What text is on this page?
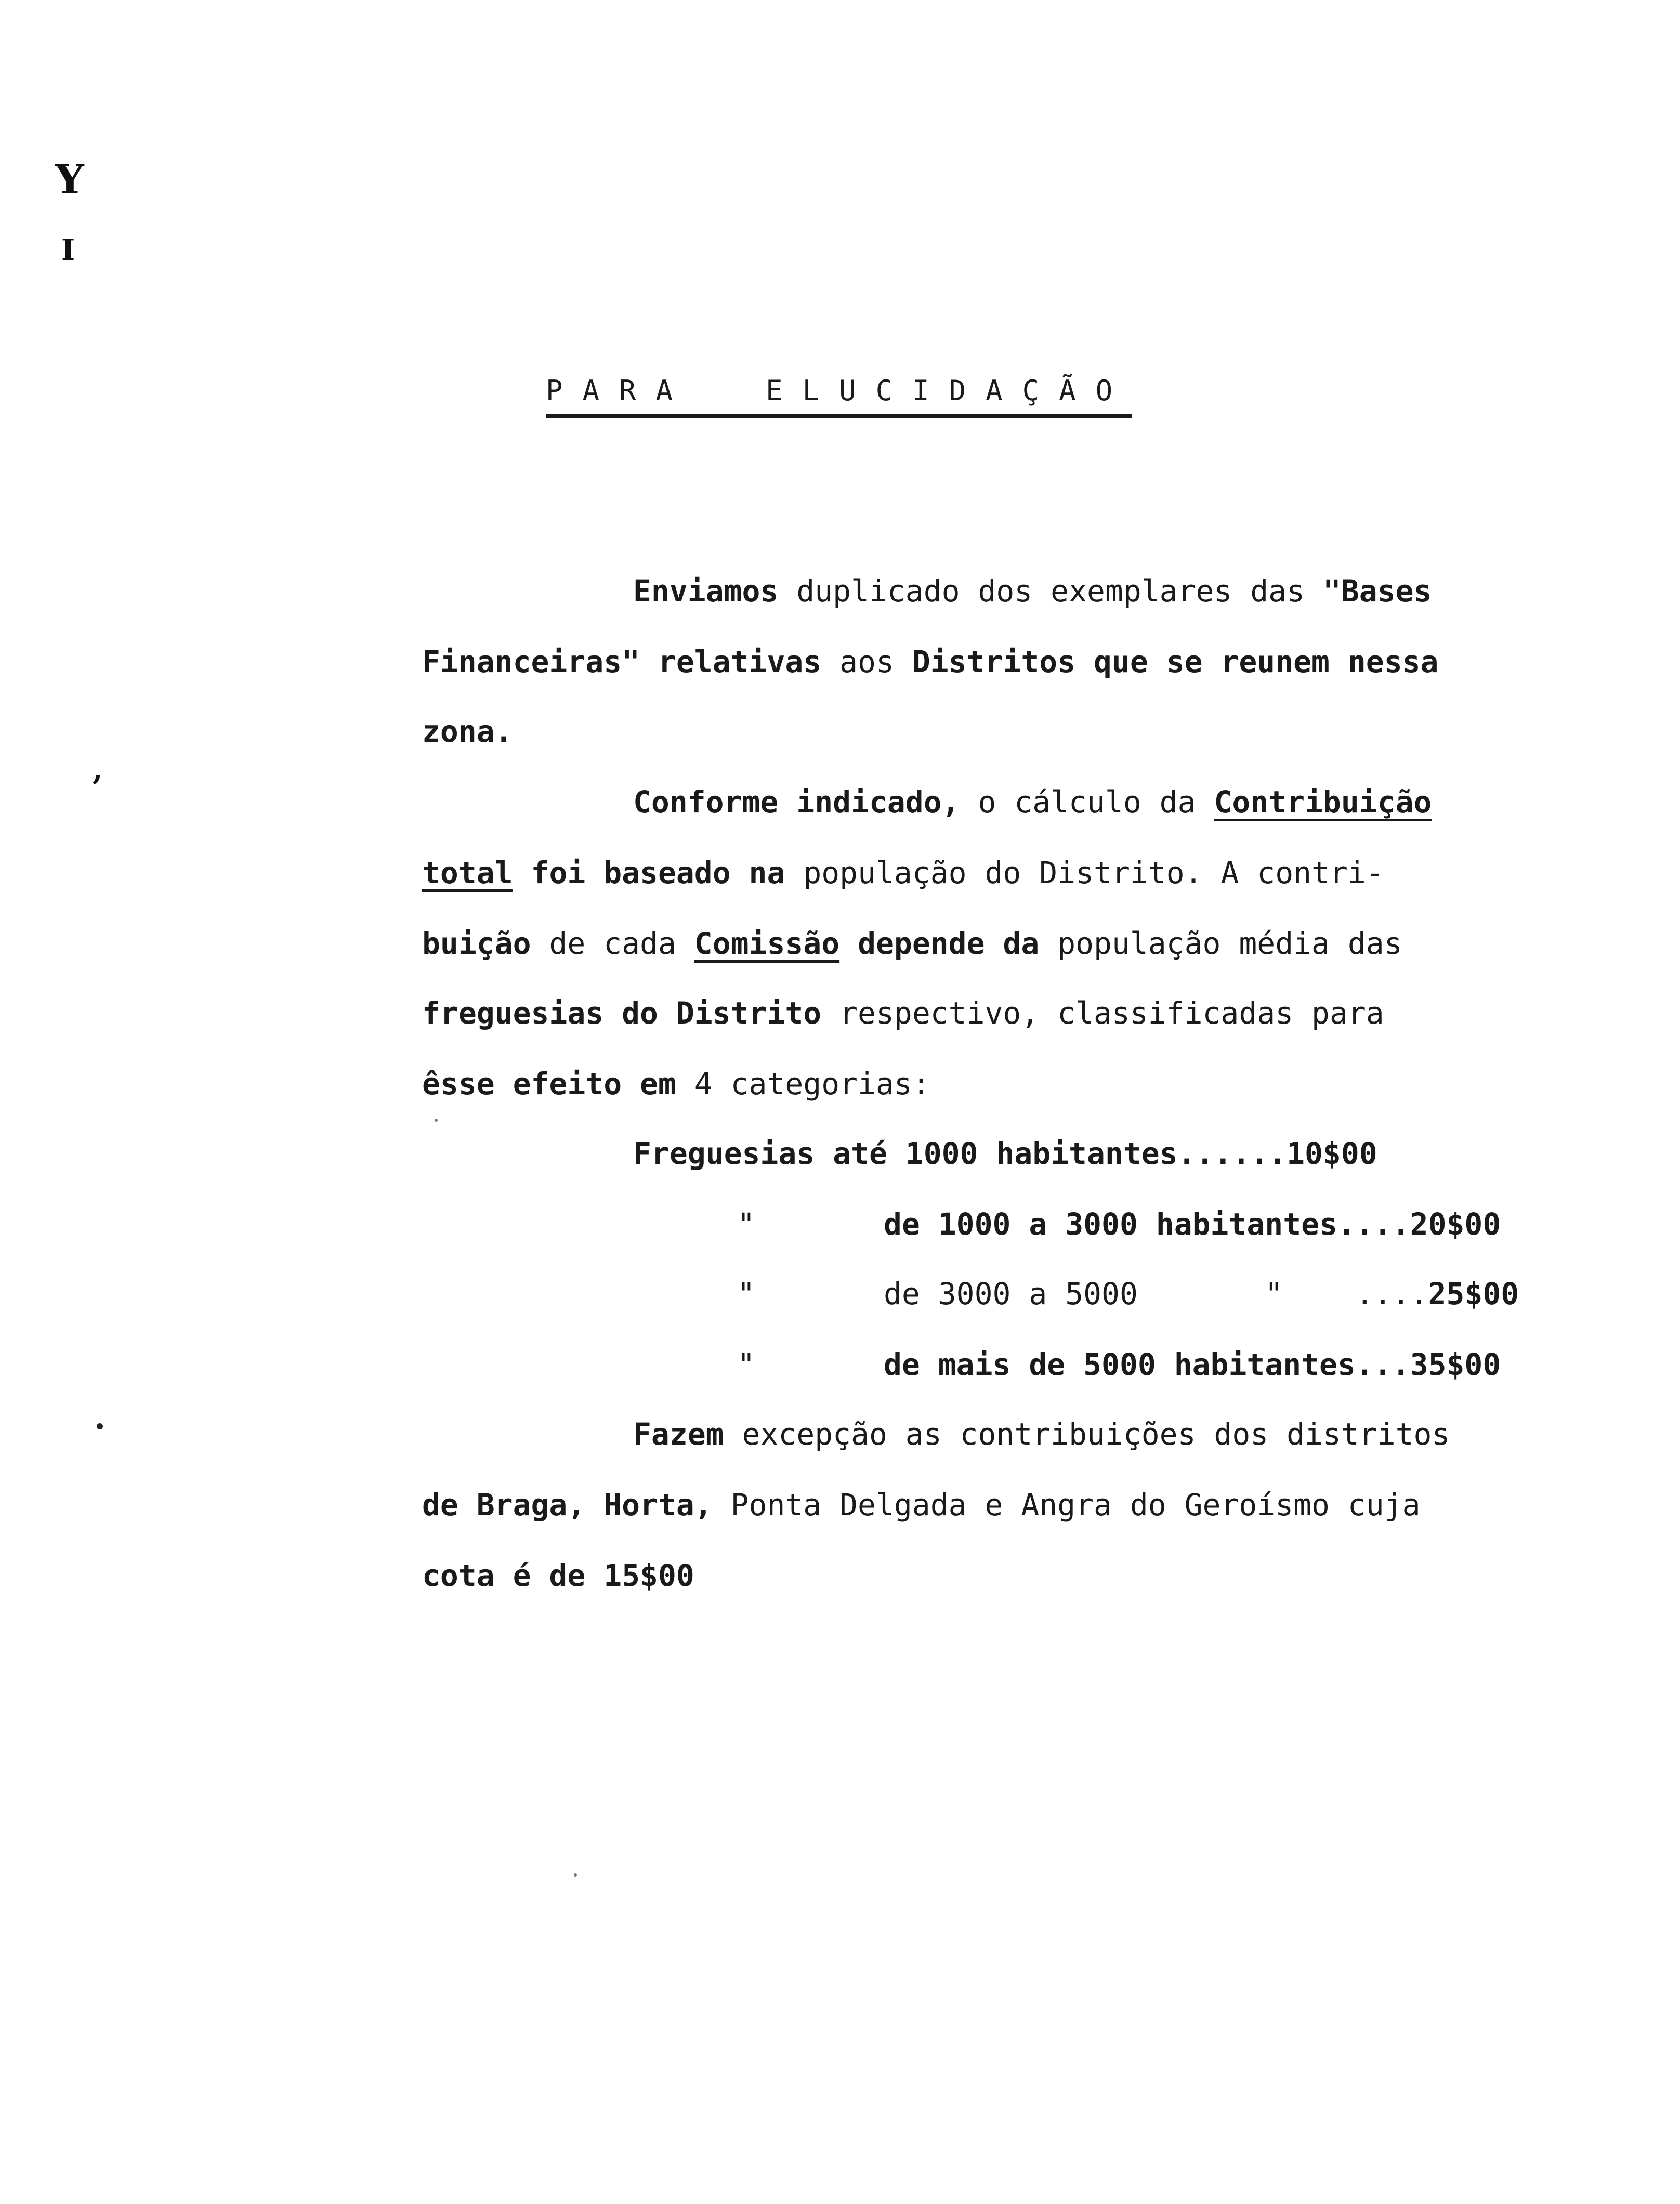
Y
I
,
PARA  ELUCIDAÇÃO
Enviamos duplicado dos exemplares das "Bases
Financeiras" relativas aos Distritos que se reunem nessa
zona.
Conforme indicado, o cálculo da Contribuição
total foi baseado na população do Distrito. A contri-
buição de cada Comissão depende da população média das
freguesias do Distrito respectivo, classificadas para
êsse efeito em 4 categorias:
Freguesias até 1000 habitantes......10$00
"	de 1000 a 3000 habitantes....20$00
"	de 3000 a 5000       "    ....25$00
"	de mais de 5000 habitantes...35$00
Fazem excepção as contribuições dos distritos
de Braga, Horta, Ponta Delgada e Angra do Geroísmo cuja
cota é de 15$00
